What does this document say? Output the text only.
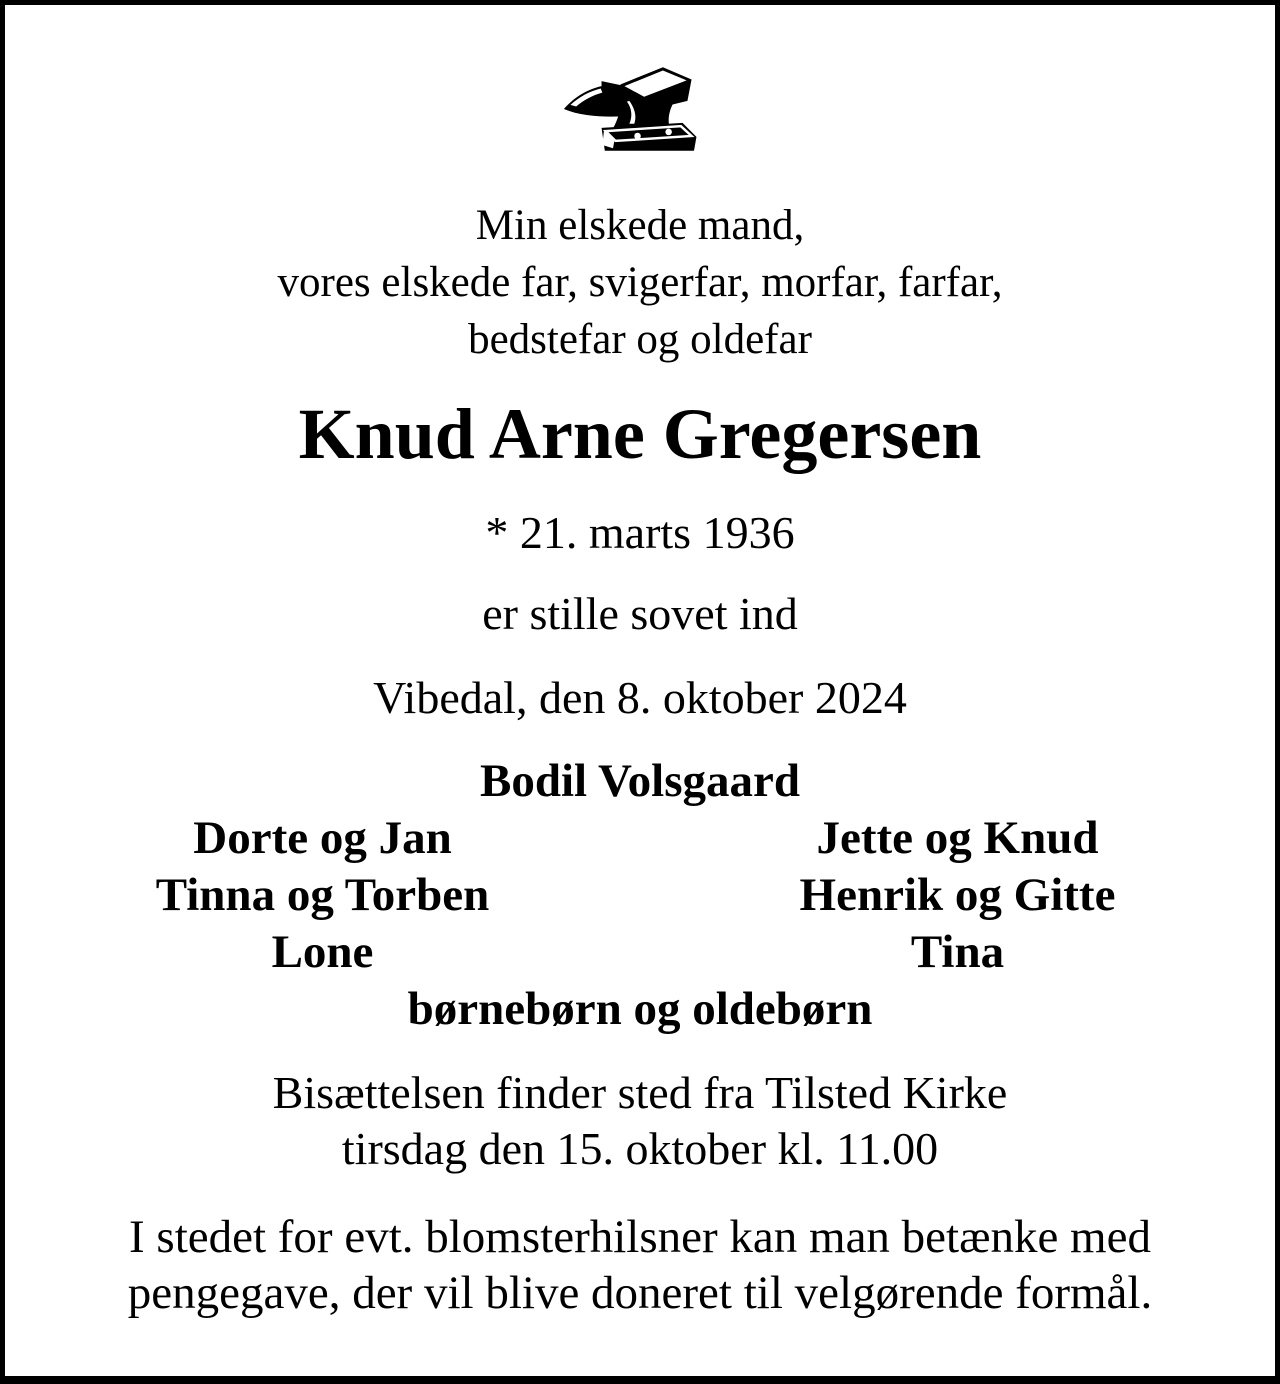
Min elskede mand,
vores elskede far, svigerfar, morfar, farfar,
bedstefar og oldefar
Knud Arne Gregersen
* 21. marts 1936
er stille sovet ind
Vibedal, den 8. oktober 2024
Bodil Volsgaard
Dorte og Jan
Tinna og Torben
Lone
Jette og Knud
Henrik og Gitte
Tina
børnebørn og oldebørn
Bisættelsen finder sted fra Tilsted Kirke
tirsdag den 15. oktober kl. 11.00
I stedet for evt. blomsterhilsner kan man betænke med
pengegave, der vil blive doneret til velgørende formål.
